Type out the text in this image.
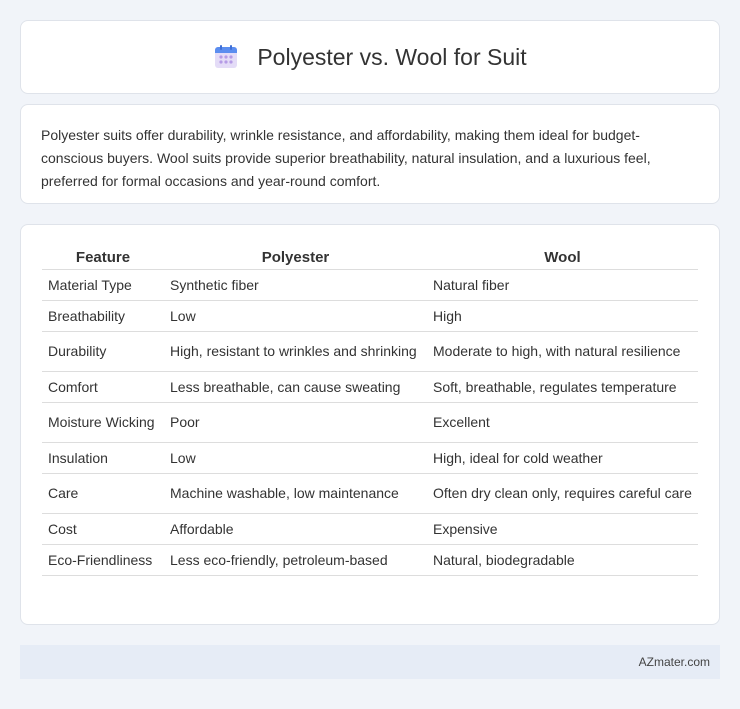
Polyester vs. Wool for Suit

Polyester suits offer durability, wrinkle resistance, and affordability, making them ideal for budget-conscious buyers. Wool suits provide superior breathability, natural insulation, and a luxurious feel, preferred for formal occasions and year-round comfort.

Feature	Polyester	Wool
Material Type	Synthetic fiber	Natural fiber
Breathability	Low	High
Durability	High, resistant to wrinkles and shrinking	Moderate to high, with natural resilience
Comfort	Less breathable, can cause sweating	Soft, breathable, regulates temperature
Moisture Wicking	Poor	Excellent
Insulation	Low	High, ideal for cold weather
Care	Machine washable, low maintenance	Often dry clean only, requires careful care
Cost	Affordable	Expensive
Eco-Friendliness	Less eco-friendly, petroleum-based	Natural, biodegradable
AZmater.com
